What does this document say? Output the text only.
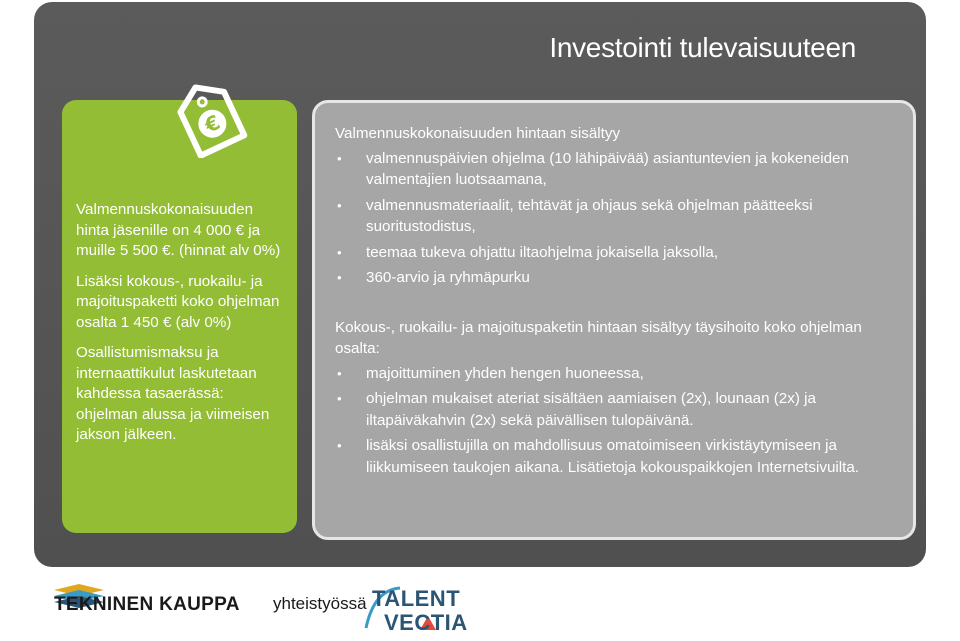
Investointi tulevaisuuteen
€

Valmennuskokonaisuuden hinta jäsenille on 4 000 € ja muille 5 500 €. (hinnat alv 0%)

Lisäksi kokous-, ruokailu- ja majoituspaketti koko ohjelman osalta 1 450 € (alv 0%)

Osallistumismaksu ja internaattikulut laskutetaan kahdessa tasaerässä: ohjelman alussa ja viimeisen jakson jälkeen.

Valmennuskokonaisuuden hintaan sisältyy

• valmennuspäivien ohjelma (10 lähipäivää) asiantuntevien ja kokeneiden valmentajien luotsaamana,
• valmennusmateriaalit, tehtävät ja ohjaus sekä ohjelman päätteeksi suoritustodistus,
• teemaa tukeva ohjattu iltaohjelma jokaisella jaksolla,
• 360-arvio ja ryhmäpurku

Kokous-, ruokailu- ja majoituspaketin hintaan sisältyy täysihoito koko ohjelman osalta:

• majoittuminen yhden hengen huoneessa,
• ohjelman mukaiset ateriat sisältäen aamiaisen (2x), lounaan (2x) ja iltapäiväkahvin (2x) sekä päivällisen tulopäivänä.
• lisäksi osallistujilla on mahdollisuus omatoimiseen virkistäytymiseen ja liikkumiseen taukojen aikana. Lisätietoja kokouspaikkojen Internetsivuilta.
TEKNINEN KAUPPA yhteistyössä TALENT
VECTIA
